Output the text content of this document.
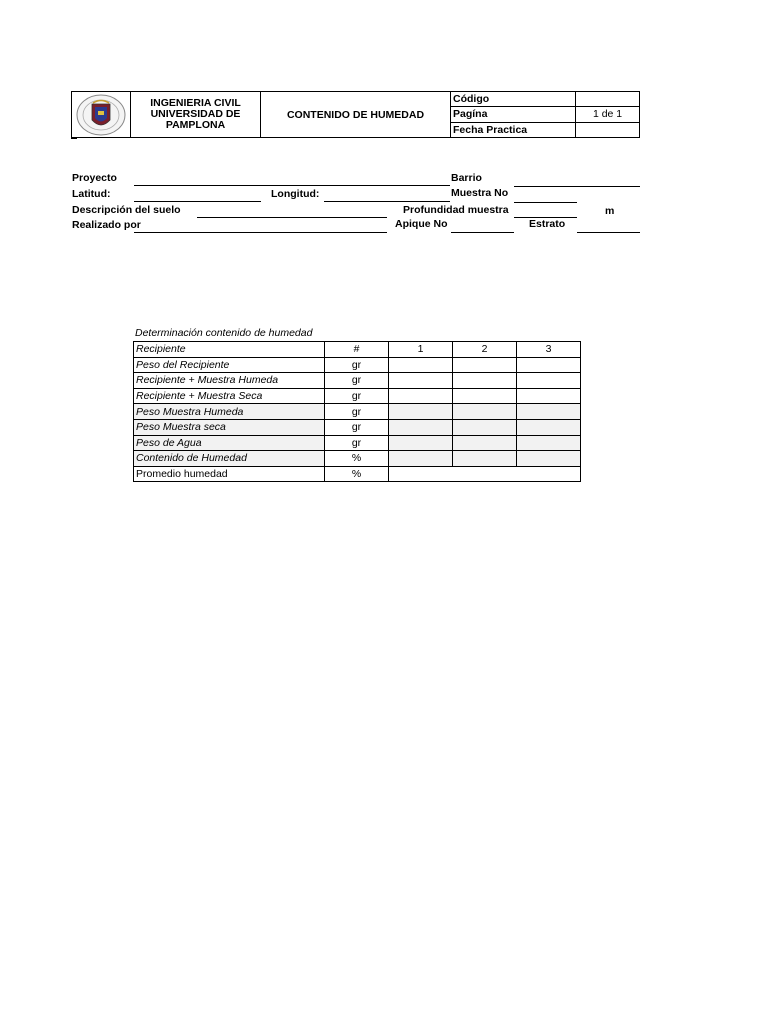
INGENIERIA CIVIL
UNIVERSIDAD DE
PAMPLONA
CONTENIDO DE HUMEDAD
Código	
Pagína	1 de 1
Fecha Practica	
Proyecto	Barrio
Latitud:	Longitud:	Muestra No
Descripción del suelo	Profundidad muestra	m
Realizado por	Apique No	Estrato
Determinación contenido de humedad
Recipiente	#	1	2	3
Peso del Recipiente	gr			
Recipiente + Muestra Humeda	gr			
Recipiente + Muestra Seca	gr			
Peso Muestra Humeda	gr			
Peso Muestra seca	gr			
Peso de Agua	gr			
Contenido de Humedad	%			
Promedio humedad	%			
